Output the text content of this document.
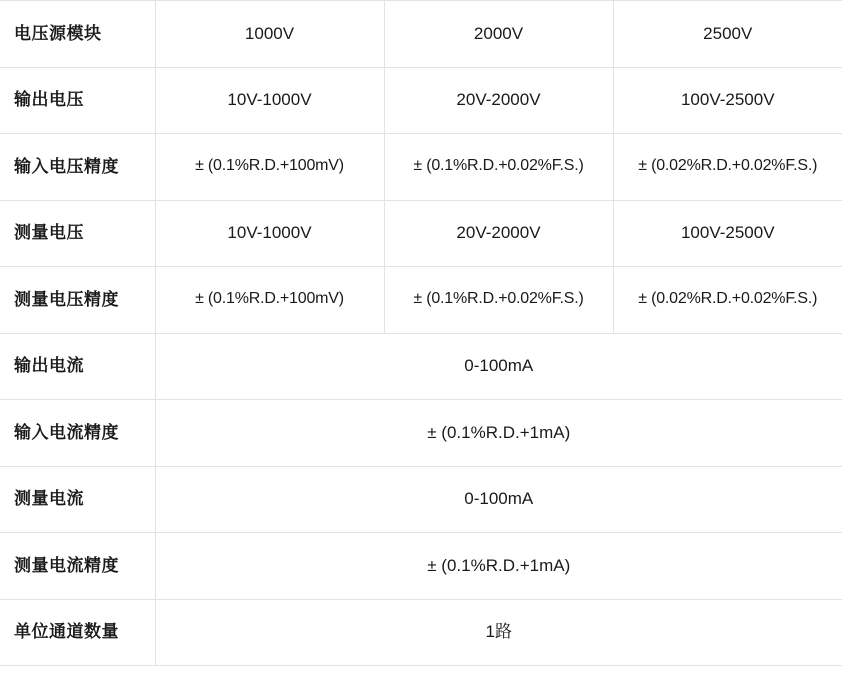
电压源模块	1000V	2000V	2500V
输出电压	10V-1000V	20V-2000V	100V-2500V
输入电压精度	± (0.1%R.D.+100mV)	± (0.1%R.D.+0.02%F.S.)	± (0.02%R.D.+0.02%F.S.)
测量电压	10V-1000V	20V-2000V	100V-2500V
测量电压精度	± (0.1%R.D.+100mV)	± (0.1%R.D.+0.02%F.S.)	± (0.02%R.D.+0.02%F.S.)
输出电流	0-100mA		
输入电流精度	± (0.1%R.D.+1mA)		
测量电流	0-100mA		
测量电流精度	± (0.1%R.D.+1mA)		
单位通道数量	1路		
